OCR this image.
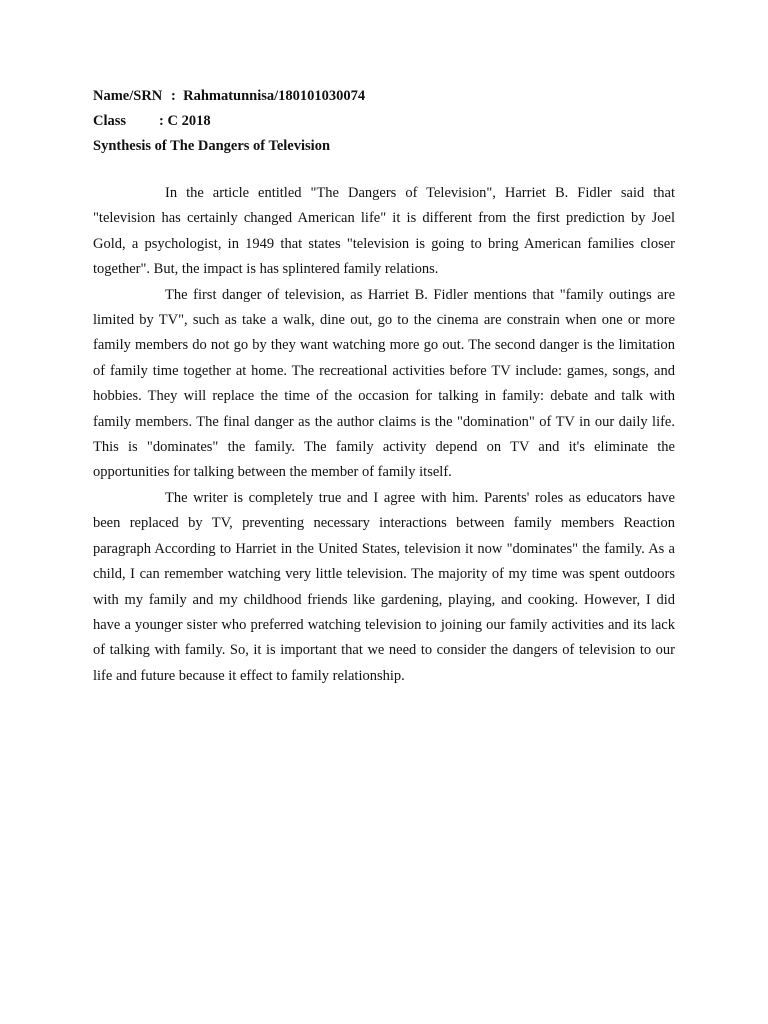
Name/SRN : Rahmatunnisa/180101030074
Class : C 2018
Synthesis of The Dangers of Television

In the article entitled "The Dangers of Television", Harriet B. Fidler said that "television has certainly changed American life" it is different from the first prediction by Joel Gold, a psychologist, in 1949 that states "television is going to bring American families closer together". But, the impact is has splintered family relations.

The first danger of television, as Harriet B. Fidler mentions that "family outings are limited by TV", such as take a walk, dine out, go to the cinema are constrain when one or more family members do not go by they want watching more go out. The second danger is the limitation of family time together at home. The recreational activities before TV include: games, songs, and hobbies. They will replace the time of the occasion for talking in family: debate and talk with family members. The final danger as the author claims is the "domination" of TV in our daily life. This is "dominates" the family. The family activity depend on TV and it's eliminate the opportunities for talking between the member of family itself.

The writer is completely true and I agree with him. Parents' roles as educators have been replaced by TV, preventing necessary interactions between family members Reaction paragraph According to Harriet in the United States, television it now "dominates" the family. As a child, I can remember watching very little television. The majority of my time was spent outdoors with my family and my childhood friends like gardening, playing, and cooking. However, I did have a younger sister who preferred watching television to joining our family activities and its lack of talking with family. So, it is important that we need to consider the dangers of television to our life and future because it effect to family relationship.
